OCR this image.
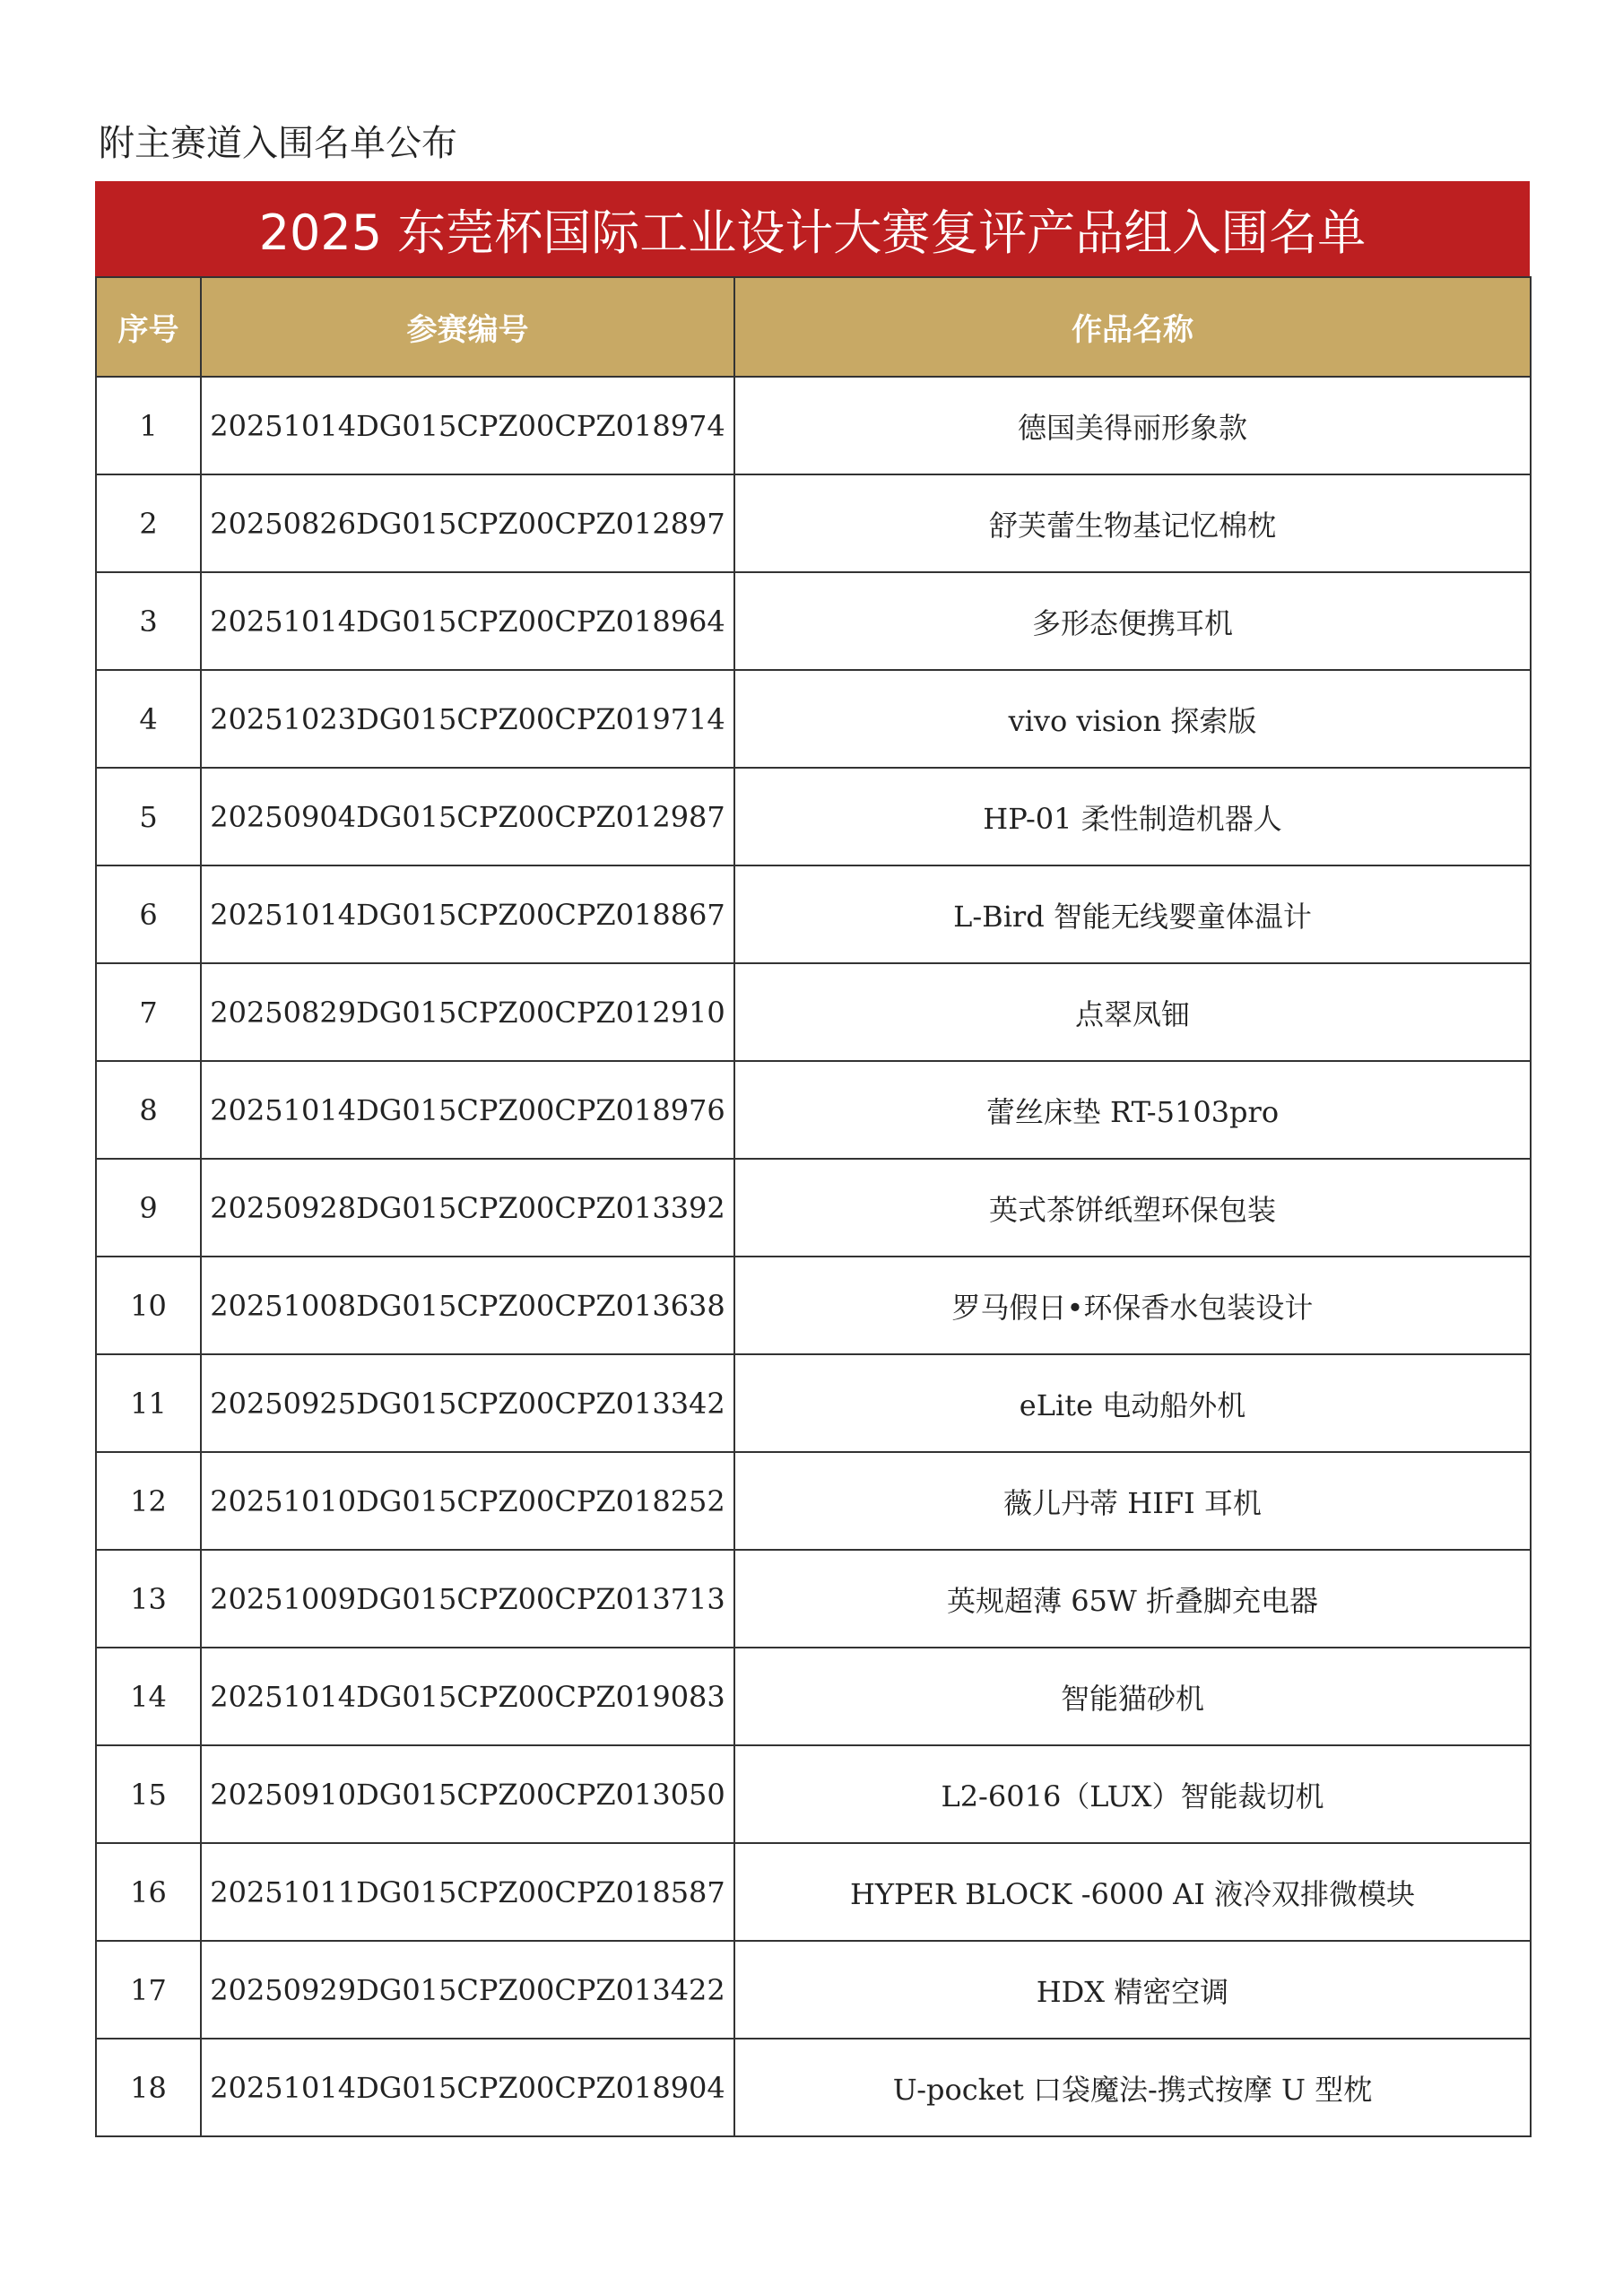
附主赛道入围名单公布
2025 东莞杯国际工业设计大赛复评产品组入围名单
序号	参赛编号	作品名称
1	20251014DG015CPZ00CPZ018974	德国美得丽形象款
2	20250826DG015CPZ00CPZ012897	舒芙蕾生物基记忆棉枕
3	20251014DG015CPZ00CPZ018964	多形态便携耳机
4	20251023DG015CPZ00CPZ019714	vivo vision 探索版
5	20250904DG015CPZ00CPZ012987	HP-01 柔性制造机器人
6	20251014DG015CPZ00CPZ018867	L-Bird 智能无线婴童体温计
7	20250829DG015CPZ00CPZ012910	点翠凤钿
8	20251014DG015CPZ00CPZ018976	蕾丝床垫 RT-5103pro
9	20250928DG015CPZ00CPZ013392	英式茶饼纸塑环保包装
10	20251008DG015CPZ00CPZ013638	罗马假日•环保香水包装设计
11	20250925DG015CPZ00CPZ013342	eLite 电动船外机
12	20251010DG015CPZ00CPZ018252	薇儿丹蒂 HIFI 耳机
13	20251009DG015CPZ00CPZ013713	英规超薄 65W 折叠脚充电器
14	20251014DG015CPZ00CPZ019083	智能猫砂机
15	20250910DG015CPZ00CPZ013050	L2-6016（LUX）智能裁切机
16	20251011DG015CPZ00CPZ018587	HYPER BLOCK -6000 AI 液冷双排微模块
17	20250929DG015CPZ00CPZ013422	HDX 精密空调
18	20251014DG015CPZ00CPZ018904	U-pocket 口袋魔法-携式按摩 U 型枕
